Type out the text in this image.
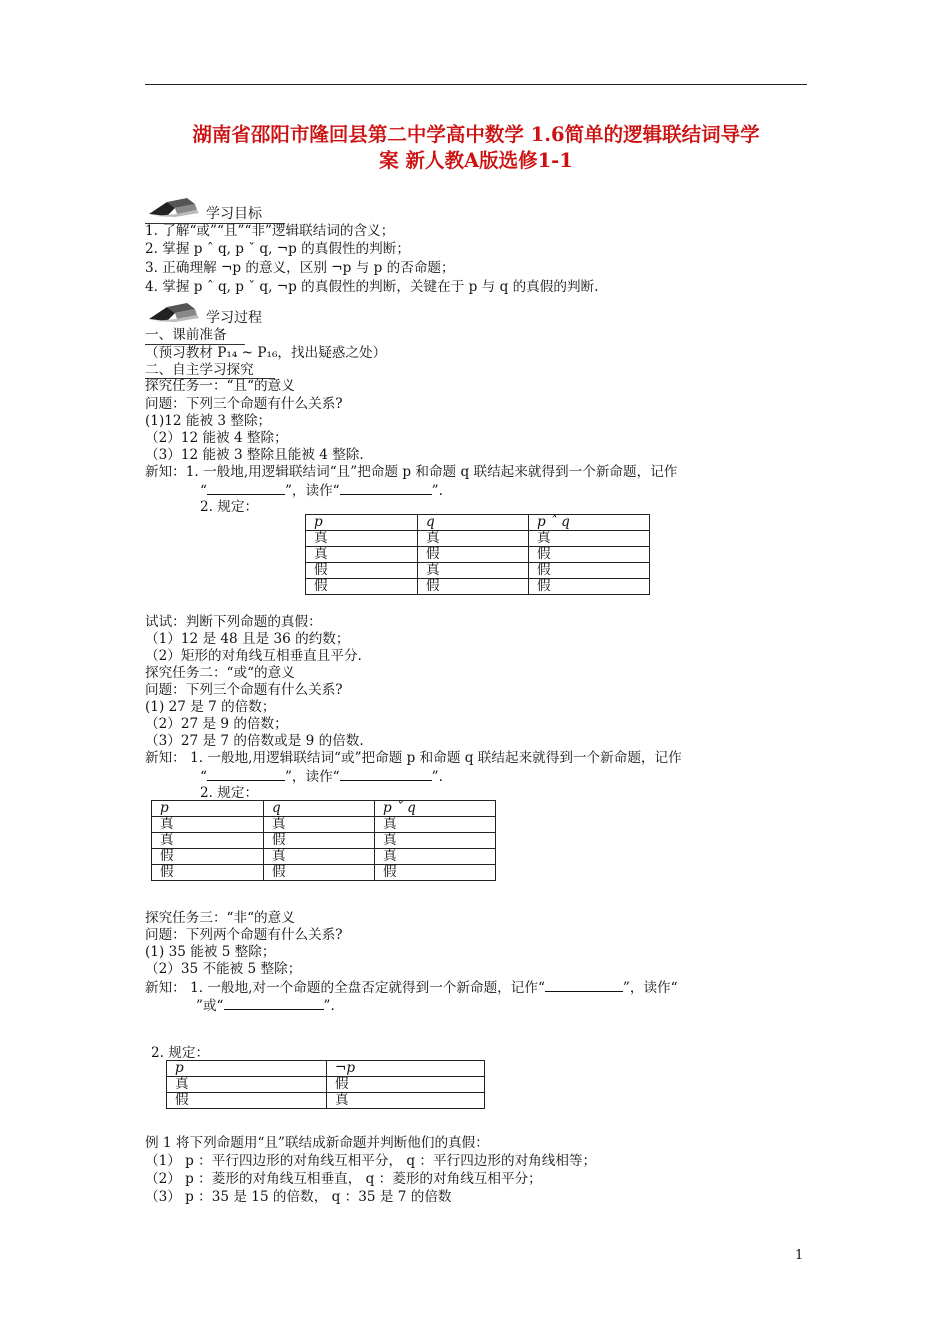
湖南省邵阳市隆回县第二中学高中数学 1.6简单的逻辑联结词导学
案 新人教A版选修1-1
学习目标
1. 了解“或”“且”“非”逻辑联结词的含义；
2. 掌握 p ˆ q, p ˇ q, ¬p 的真假性的判断；
3. 正确理解 ¬p 的意义，区别 ¬p 与 p 的否命题；
4. 掌握 p ˆ q, p ˇ q, ¬p 的真假性的判断，关键在于 p 与 q 的真假的判断.
学习过程
一、课前准备
（预习教材 P₁₄ ~ P₁₆，找出疑惑之处）
二、自主学习探究
探究任务一：“且“的意义
问题：下列三个命题有什么关系?
(1)12 能被 3 整除；
（2）12 能被 4 整除；
（3）12 能被 3 整除且能被 4 整除.
新知：1. 一般地,用逻辑联结词“且”把命题 p 和命题 q 联结起来就得到一个新命题，记作
“	”，读作“	”.
2. 规定：
p	q	p ˆ q
真	真	真
真	假	假
假	真	假
假	假	假
试试：判断下列命题的真假：
（1）12 是 48 且是 36 的约数；
（2）矩形的对角线互相垂直且平分.
探究任务二：“或“的意义
问题：下列三个命题有什么关系?
(1) 27 是 7 的倍数；
（2）27 是 9 的倍数；
（3）27 是 7 的倍数或是 9 的倍数.
新知： 1. 一般地,用逻辑联结词“或”把命题 p 和命题 q 联结起来就得到一个新命题，记作
“	”，读作“	”.
2. 规定：
p	q	p ˇ q
真	真	真
真	假	真
假	真	真
假	假	假
探究任务三：“非“的意义
问题：下列两个命题有什么关系?
(1) 35 能被 5 整除；
（2）35 不能被 5 整除；
新知： 1. 一般地,对一个命题的全盘否定就得到一个新命题，记作“	”，读作“
”或“	”.
2. 规定：
p	¬p
真	假
假	真
例 1 将下列命题用“且”联结成新命题并判断他们的真假：
（1） p ：平行四边形的对角线互相平分， q ：平行四边形的对角线相等；
（2） p ：菱形的对角线互相垂直， q ：菱形的对角线互相平分；
（3） p ：35 是 15 的倍数， q ：35 是 7 的倍数
1
